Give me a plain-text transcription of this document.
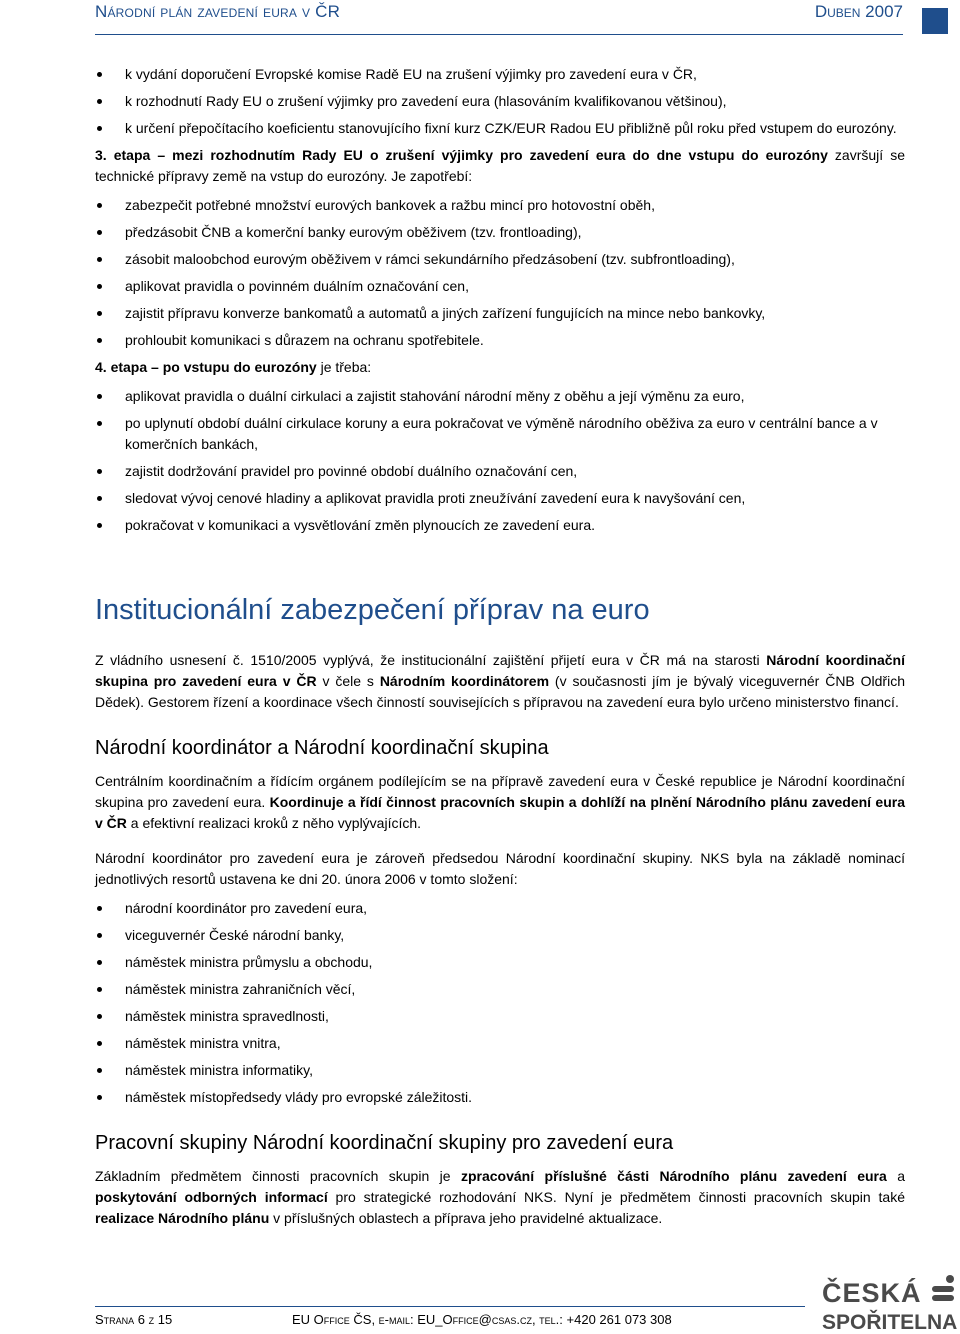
Národní plán zavedení eura v ČR	Duben 2007
k vydání doporučení Evropské komise Radě EU na zrušení výjimky pro zavedení eura v ČR,
k rozhodnutí Rady EU o zrušení výjimky pro zavedení eura (hlasováním kvalifikovanou většinou),
k určení přepočítacího koeficientu stanovujícího fixní kurz CZK/EUR Radou EU přibližně půl roku před vstupem do eurozóny.

3. etapa – mezi rozhodnutím Rady EU o zrušení výjimky pro zavedení eura do dne vstupu do eurozóny završují se technické přípravy země na vstup do eurozóny. Je zapotřebí:

zabezpečit potřebné množství eurových bankovek a ražbu mincí pro hotovostní oběh,
předzásobit ČNB a komerční banky eurovým oběživem (tzv. frontloading),
zásobit maloobchod eurovým oběživem v rámci sekundárního předzásobení (tzv. subfrontloading),
aplikovat pravidla o povinném duálním označování cen,
zajistit přípravu konverze bankomatů a automatů a jiných zařízení fungujících na mince nebo bankovky,
prohloubit komunikaci s důrazem na ochranu spotřebitele.

4. etapa – po vstupu do eurozóny je třeba:

aplikovat pravidla o duální cirkulaci a zajistit stahování národní měny z oběhu a její výměnu za euro,
po uplynutí období duální cirkulace koruny a eura pokračovat ve výměně národního oběživa za euro v centrální bance a v komerčních bankách,
zajistit dodržování pravidel pro povinné období duálního označování cen,
sledovat vývoj cenové hladiny a aplikovat pravidla proti zneužívání zavedení eura k navyšování cen,
pokračovat v komunikaci a vysvětlování změn plynoucích ze zavedení eura.
Institucionální zabezpečení příprav na euro

Z vládního usnesení č. 1510/2005 vyplývá, že institucionální zajištění přijetí eura v ČR má na starosti Národní koordinační skupina pro zavedení eura v ČR v čele s Národním koordinátorem (v současnosti jím je bývalý viceguvernér ČNB Oldřich Dědek). Gestorem řízení a koordinace všech činností souvisejících s přípravou na zavedení eura bylo určeno ministerstvo financí.

Národní koordinátor a Národní koordinační skupina

Centrálním koordinačním a řídícím orgánem podílejícím se na přípravě zavedení eura v České republice je Národní koordinační skupina pro zavedení eura. Koordinuje a řídí činnost pracovních skupin a dohlíží na plnění Národního plánu zavedení eura v ČR a efektivní realizaci kroků z něho vyplývajících.

Národní koordinátor pro zavedení eura je zároveň předsedou Národní koordinační skupiny. NKS byla na základě nominací jednotlivých resortů ustavena ke dni 20. února 2006 v tomto složení:

národní koordinátor pro zavedení eura,
viceguvernér České národní banky,
náměstek ministra průmyslu a obchodu,
náměstek ministra zahraničních věcí,
náměstek ministra spravedlnosti,
náměstek ministra vnitra,
náměstek ministra informatiky,
náměstek místopředsedy vlády pro evropské záležitosti.
Pracovní skupiny Národní koordinační skupiny pro zavedení eura

Základním předmětem činnosti pracovních skupin je zpracování příslušné části Národního plánu zavedení eura a poskytování odborných informací pro strategické rozhodování NKS. Nyní je předmětem činnosti pracovních skupin také realizace Národního plánu v příslušných oblastech a příprava jeho pravidelné aktualizace.

Strana 6 z 15	EU Office ČS, e-mail: EU_Office@csas.cz, tel.: +420 261 073 308
ČESKÁ
SPOŘITELNA
